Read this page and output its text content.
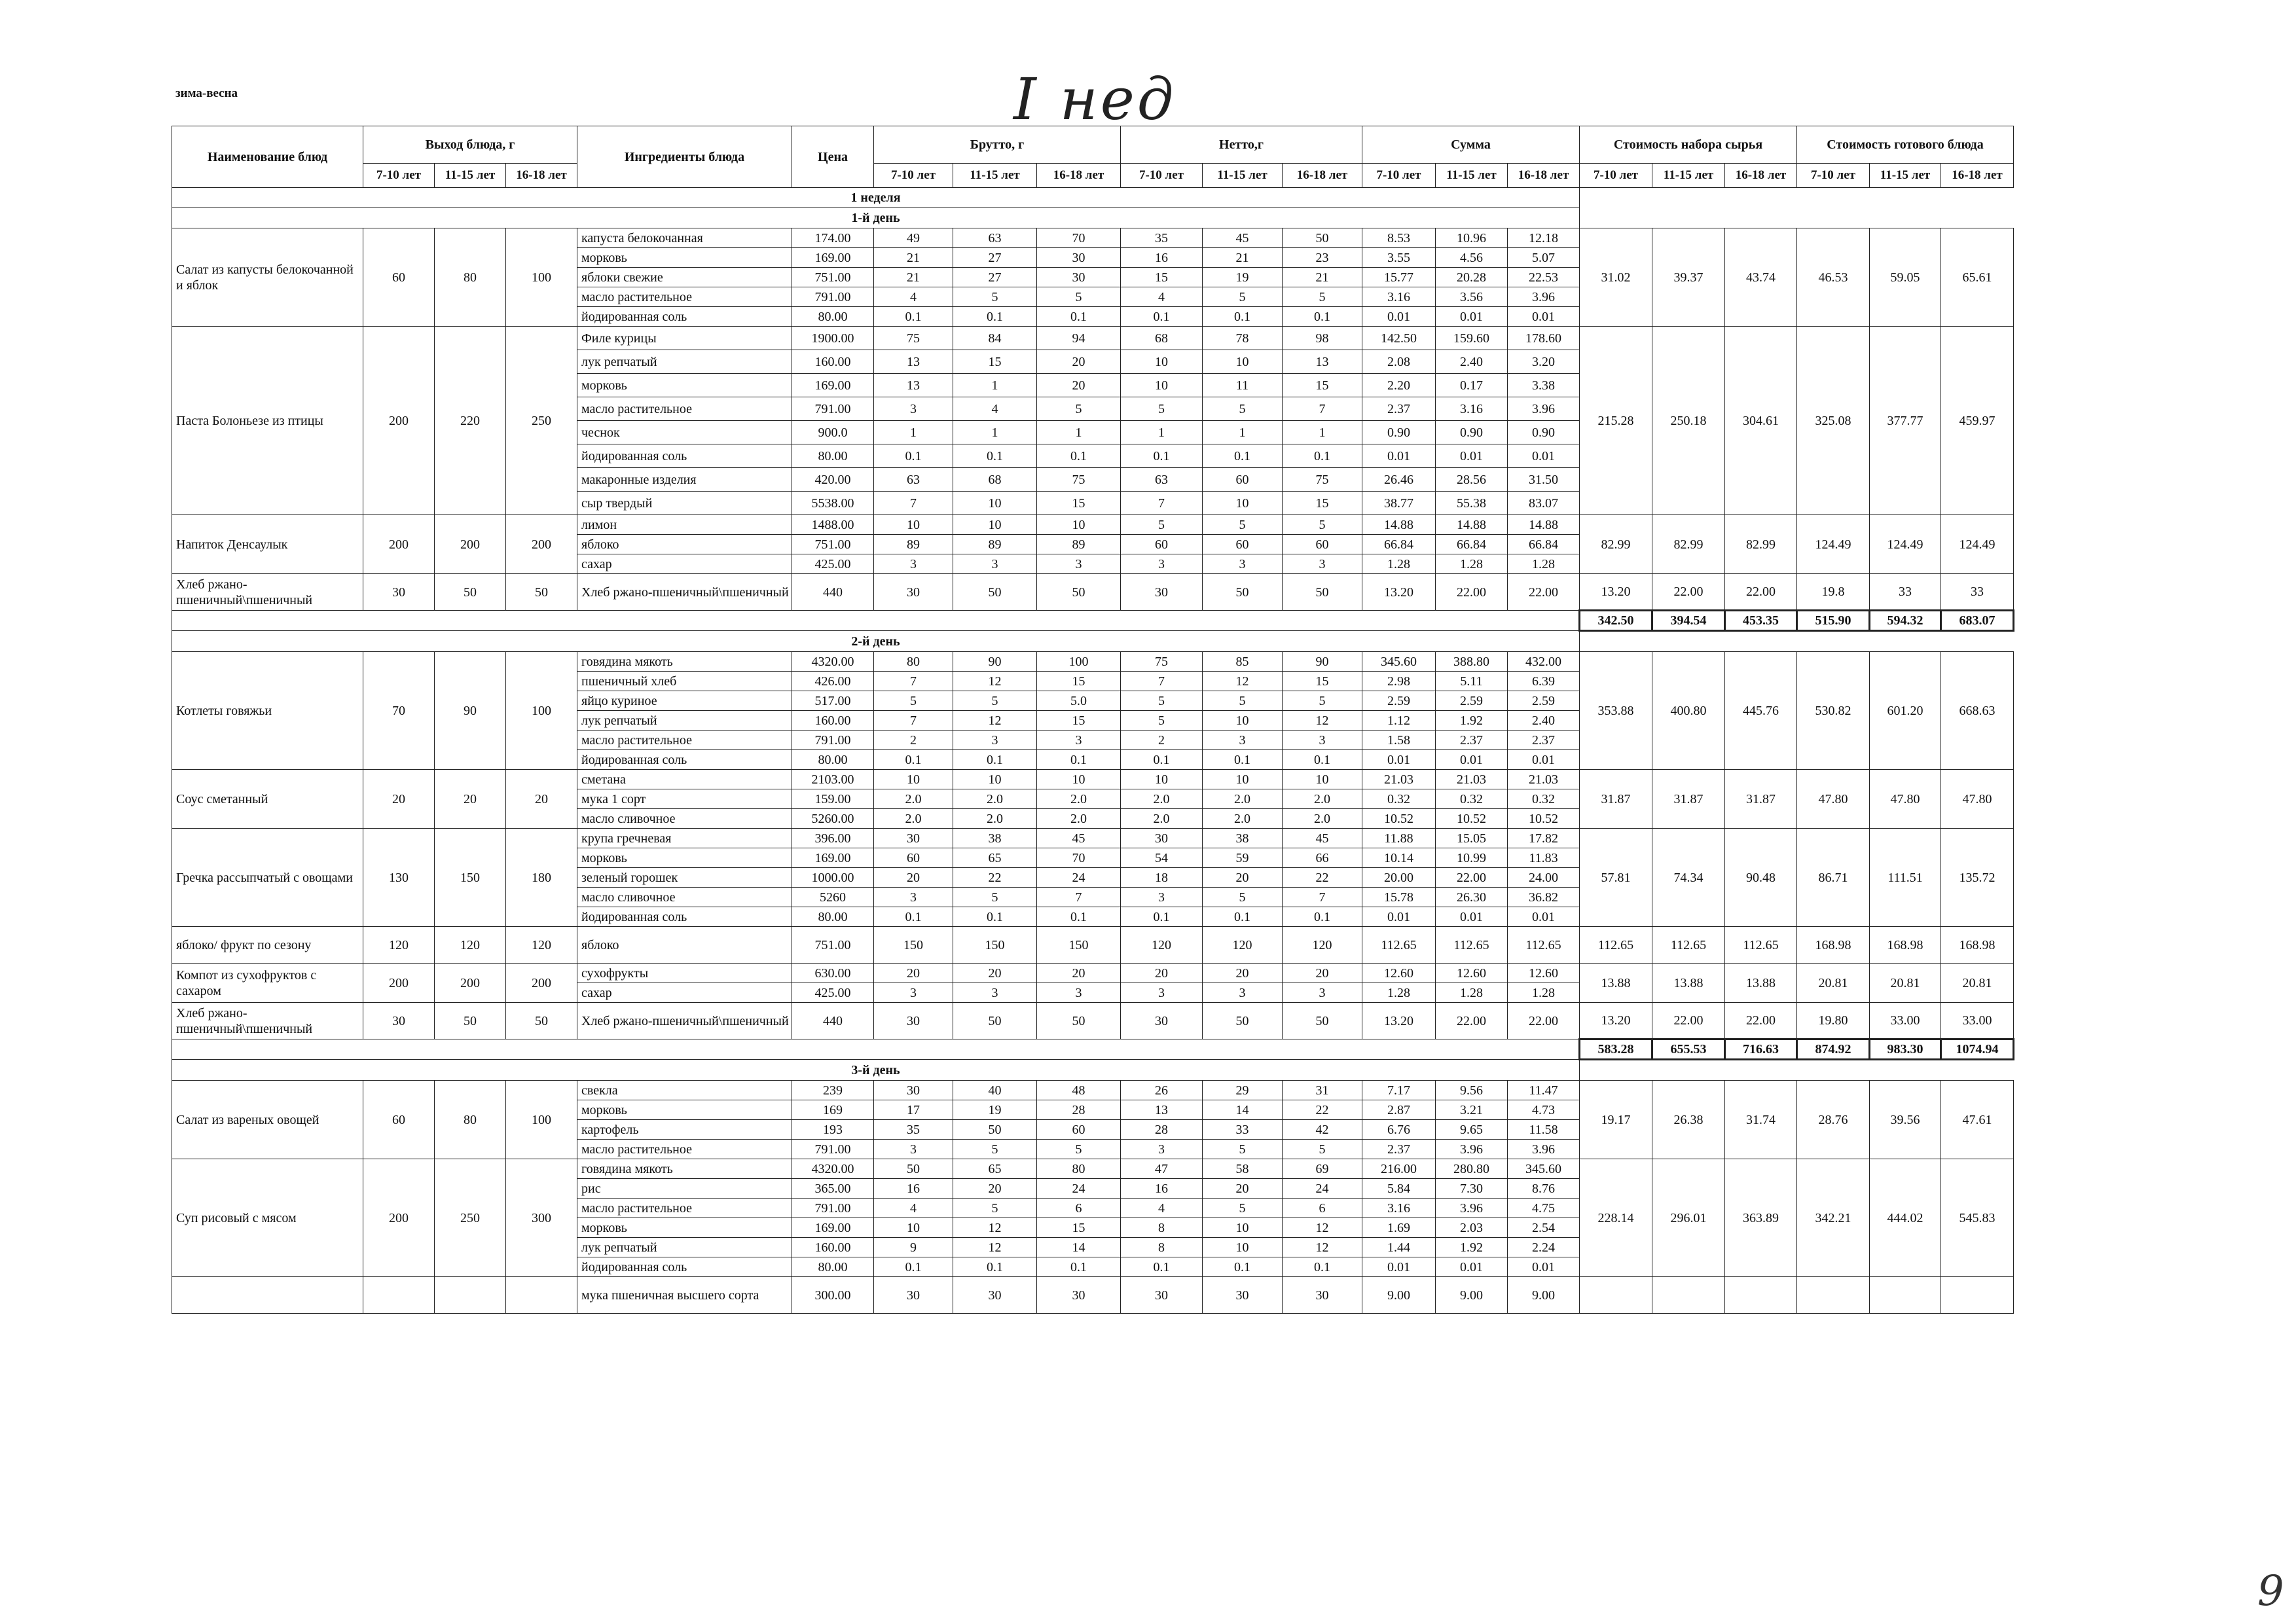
зима-весна	I нед
9
Наименование блюд	Выход блюда, г			Ингредиенты блюда	Цена	Брутто, г			Нетто,г			Сумма			Стоимость набора сырья			Стоимость готового блюда		
	7-10 лет	11-15 лет	16-18 лет			7-10 лет	11-15 лет	16-18 лет	7-10 лет	11-15 лет	16-18 лет	7-10 лет	11-15 лет	16-18 лет	7-10 лет	11-15 лет	16-18 лет	7-10 лет	11-15 лет	16-18 лет
1 неделя																				
1-й день																				
Салат из капусты белокочанной и яблок	60	80	100	капуста белокочанная	174.00	49	63	70	35	45	50	8.53	10.96	12.18	31.02	39.37	43.74	46.53	59.05	65.61
				морковь	169.00	21	27	30	16	21	23	3.55	4.56	5.07						
				яблоки свежие	751.00	21	27	30	15	19	21	15.77	20.28	22.53						
				масло растительное	791.00	4	5	5	4	5	5	3.16	3.56	3.96						
				йодированная соль	80.00	0.1	0.1	0.1	0.1	0.1	0.1	0.01	0.01	0.01						
Паста Болоньезе из птицы	200	220	250	Филе курицы	1900.00	75	84	94	68	78	98	142.50	159.60	178.60	215.28	250.18	304.61	325.08	377.77	459.97
				лук репчатый	160.00	13	15	20	10	10	13	2.08	2.40	3.20						
				морковь	169.00	13	1	20	10	11	15	2.20	0.17	3.38						
				масло растительное	791.00	3	4	5	5	5	7	2.37	3.16	3.96						
				чеснок	900.0	1	1	1	1	1	1	0.90	0.90	0.90						
				йодированная соль	80.00	0.1	0.1	0.1	0.1	0.1	0.1	0.01	0.01	0.01						
				макаронные изделия	420.00	63	68	75	63	60	75	26.46	28.56	31.50						
				сыр твердый	5538.00	7	10	15	7	10	15	38.77	55.38	83.07						
Напиток Денсаулык	200	200	200	лимон	1488.00	10	10	10	5	5	5	14.88	14.88	14.88	82.99	82.99	82.99	124.49	124.49	124.49
				яблоко	751.00	89	89	89	60	60	60	66.84	66.84	66.84						
				сахар	425.00	3	3	3	3	3	3	1.28	1.28	1.28						
Хлеб ржано-пшеничный\пшеничный	30	50	50	Хлеб ржано-пшеничный\пшеничный	440	30	50	50	30	50	50	13.20	22.00	22.00	13.20	22.00	22.00	19.8	33	33
															342.50	394.54	453.35	515.90	594.32	683.07
2-й день																				
Котлеты говяжьи	70	90	100	говядина мякоть	4320.00	80	90	100	75	85	90	345.60	388.80	432.00	353.88	400.80	445.76	530.82	601.20	668.63
				пшеничный хлеб	426.00	7	12	15	7	12	15	2.98	5.11	6.39						
				яйцо куриное	517.00	5	5	5.0	5	5	5	2.59	2.59	2.59						
				лук репчатый	160.00	7	12	15	5	10	12	1.12	1.92	2.40						
				масло растительное	791.00	2	3	3	2	3	3	1.58	2.37	2.37						
				йодированная соль	80.00	0.1	0.1	0.1	0.1	0.1	0.1	0.01	0.01	0.01						
Соус сметанный	20	20	20	сметана	2103.00	10	10	10	10	10	10	21.03	21.03	21.03	31.87	31.87	31.87	47.80	47.80	47.80
				мука 1 сорт	159.00	2.0	2.0	2.0	2.0	2.0	2.0	0.32	0.32	0.32						
				масло сливочное	5260.00	2.0	2.0	2.0	2.0	2.0	2.0	10.52	10.52	10.52						
Гречка рассыпчатый с овощами	130	150	180	крупа гречневая	396.00	30	38	45	30	38	45	11.88	15.05	17.82	57.81	74.34	90.48	86.71	111.51	135.72
				морковь	169.00	60	65	70	54	59	66	10.14	10.99	11.83						
				зеленый горошек	1000.00	20	22	24	18	20	22	20.00	22.00	24.00						
				масло сливочное	5260	3	5	7	3	5	7	15.78	26.30	36.82						
				йодированная соль	80.00	0.1	0.1	0.1	0.1	0.1	0.1	0.01	0.01	0.01						
яблоко/ фрукт по сезону	120	120	120	яблоко	751.00	150	150	150	120	120	120	112.65	112.65	112.65	112.65	112.65	112.65	168.98	168.98	168.98
Компот из сухофруктов с сахаром	200	200	200	сухофрукты	630.00	20	20	20	20	20	20	12.60	12.60	12.60	13.88	13.88	13.88	20.81	20.81	20.81
				сахар	425.00	3	3	3	3	3	3	1.28	1.28	1.28						
Хлеб ржано-пшеничный\пшеничный	30	50	50	Хлеб ржано-пшеничный\пшеничный	440	30	50	50	30	50	50	13.20	22.00	22.00	13.20	22.00	22.00	19.80	33.00	33.00
															583.28	655.53	716.63	874.92	983.30	1074.94
3-й день																				
Салат из вареных овощей	60	80	100	свекла	239	30	40	48	26	29	31	7.17	9.56	11.47	19.17	26.38	31.74	28.76	39.56	47.61
				морковь	169	17	19	28	13	14	22	2.87	3.21	4.73						
				картофель	193	35	50	60	28	33	42	6.76	9.65	11.58						
				масло растительное	791.00	3	5	5	3	5	5	2.37	3.96	3.96						
Суп рисовый с мясом	200	250	300	говядина мякоть	4320.00	50	65	80	47	58	69	216.00	280.80	345.60	228.14	296.01	363.89	342.21	444.02	545.83
				рис	365.00	16	20	24	16	20	24	5.84	7.30	8.76						
				масло растительное	791.00	4	5	6	4	5	6	3.16	3.96	4.75						
				морковь	169.00	10	12	15	8	10	12	1.69	2.03	2.54						
				лук репчатый	160.00	9	12	14	8	10	12	1.44	1.92	2.24						
				йодированная соль	80.00	0.1	0.1	0.1	0.1	0.1	0.1	0.01	0.01	0.01						
				мука пшеничная высшего сорта	300.00	30	30	30	30	30	30	9.00	9.00	9.00						
